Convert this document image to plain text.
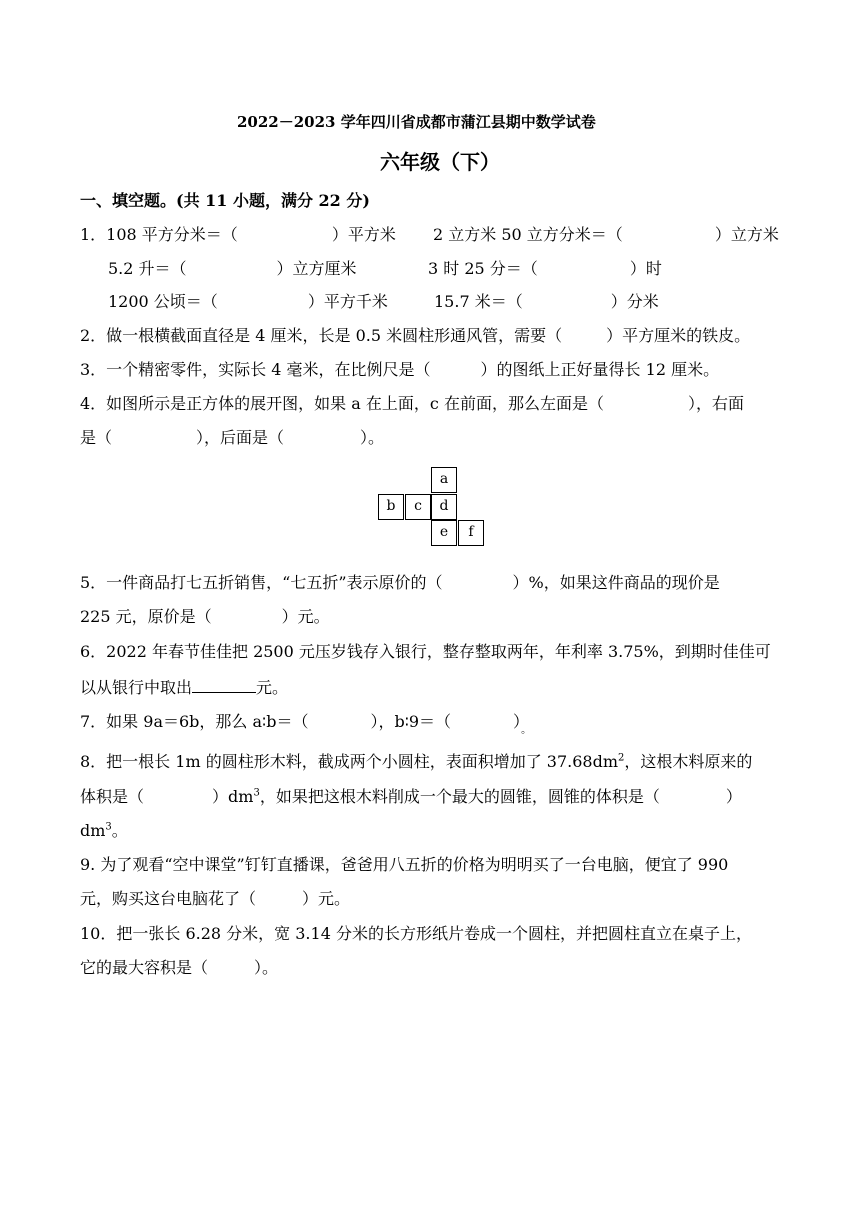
2022－2023 学年四川省成都市蒲江县期中数学试卷
六年级（下）
一、填空题。(共 11 小题，满分 22 分)
1．108 平方分米＝（	）平方米 2 立方米 50 立方分米＝（	）立方米
5.2 升＝（	）立方厘米	3 时 25 分＝（	）时
1200 公顷＝（	）平方千米	15.7 米＝（	）分米
2．做一根横截面直径是 4 厘米，长是 0.5 米圆柱形通风管，需要（	）平方厘米的铁皮。
3．一个精密零件，实际长 4 毫米，在比例尺是（	）的图纸上正好量得长 12 厘米。
4．如图所示是正方体的展开图，如果 a 在上面，c 在前面，那么左面是（	），右面
是（	），后面是（	）。
a
b	c	d
e	f
5．一件商品打七五折销售，“七五折”表示原价的（	）%，如果这件商品的现价是
225 元，原价是（	）元。
6．2022 年春节佳佳把 2500 元压岁钱存入银行，整存整取两年，年利率 3.75%，到期时佳佳可
以从银行中取出	元。
7．如果 9a＝6b，那么 a∶b＝（	），b∶9＝（	）$_。$
8．把一根长 1m 的圆柱形木料，截成两个小圆柱，表面积增加了 $37.68dm^2$，这根木料原来的
体积是（	）$dm^3$，如果把这根木料削成一个最大的圆锥，圆锥的体积是（	）
$dm^3$。
9. 为了观看“空中课堂”钉钉直播课，爸爸用八五折的价格为明明买了一台电脑，便宜了 990
元，购买这台电脑花了（	）元。
10．把一张长 6.28 分米，宽 3.14 分米的长方形纸片卷成一个圆柱，并把圆柱直立在桌子上，
它的最大容积是（	）。
